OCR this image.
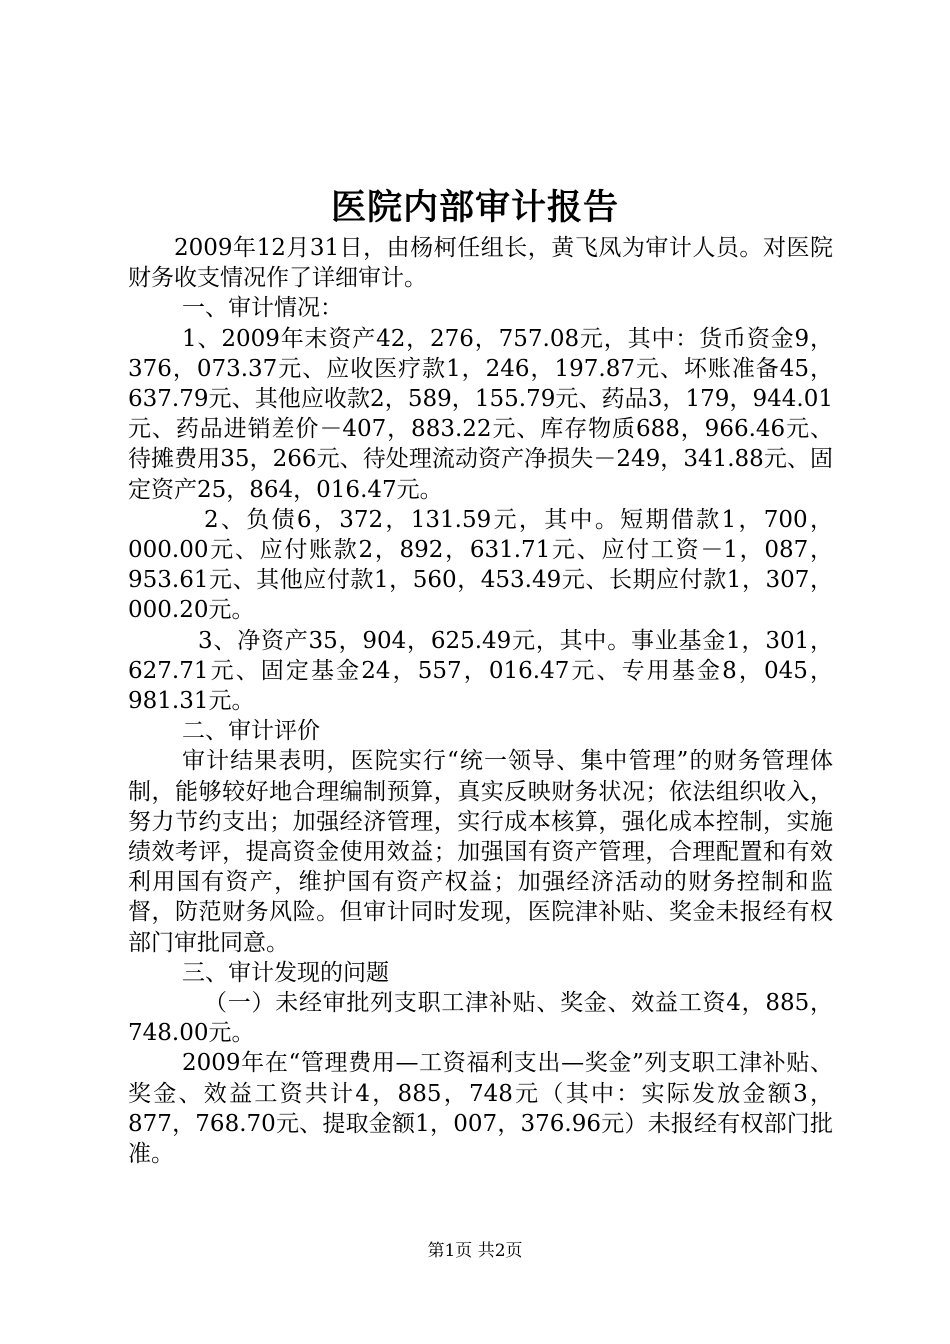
医院内部审计报告

2009年12月31日，由杨柯任组长，黄飞凤为审计人员。对医院财务收支情况作了详细审计。

一、审计情况：

1、2009年末资产42，276，757.08元，其中：货币资金9，376，073.37元、应收医疗款1，246，197.87元、坏账准备45，637.79元、其他应收款2，589，155.79元、药品3，179，944.01元、药品进销差价－407，883.22元、库存物质688，966.46元、待摊费用35，266元、待处理流动资产净损失－249，341.88元、固定资产25，864，016.47元。

2、负债6，372，131.59元，其中。短期借款1，700，000.00元、应付账款2，892，631.71元、应付工资－1，087，953.61元、其他应付款1，560，453.49元、长期应付款1，307，000.20元。

3、净资产35，904，625.49元，其中。事业基金1，301，627.71元、固定基金24，557，016.47元、专用基金8，045，981.31元。

二、审计评价

审计结果表明，医院实行“统一领导、集中管理”的财务管理体制，能够较好地合理编制预算，真实反映财务状况；依法组织收入，努力节约支出；加强经济管理，实行成本核算，强化成本控制，实施绩效考评，提高资金使用效益；加强国有资产管理，合理配置和有效利用国有资产，维护国有资产权益；加强经济活动的财务控制和监督，防范财务风险。但审计同时发现，医院津补贴、奖金未报经有权部门审批同意。

三、审计发现的问题

（一）未经审批列支职工津补贴、奖金、效益工资4，885，748.00元。

2009年在“管理费用—工资福利支出—奖金”列支职工津补贴、奖金、效益工资共计4，885，748元（其中：实际发放金额3，877，768.70元、提取金额1，007，376.96元）未报经有权部门批准。

第1页 共2页
